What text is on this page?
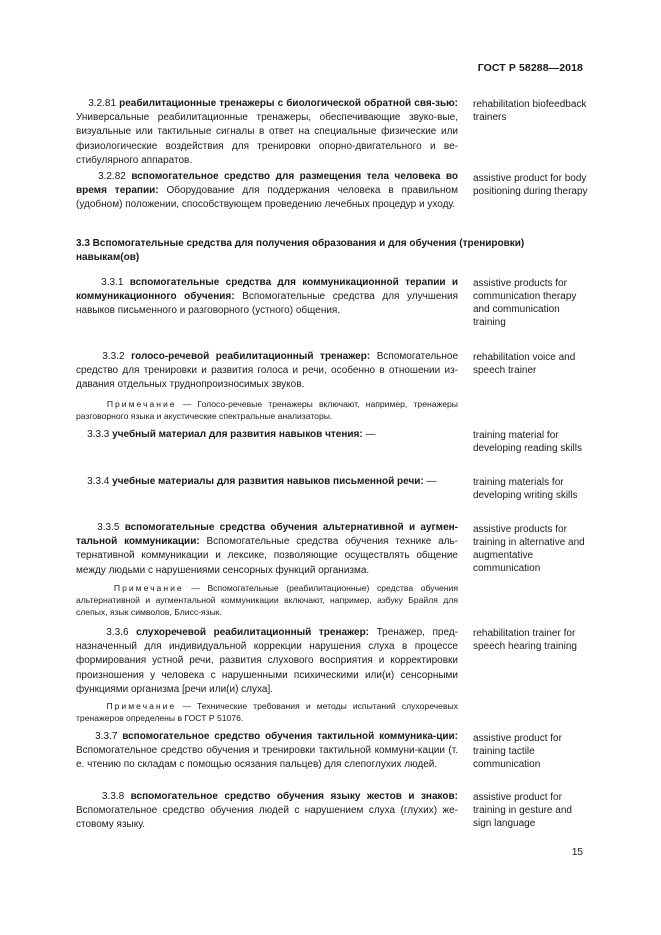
ГОСТ Р 58288—2018
3.2.81 реабилитационные тренажеры с биологической обратной свя-зью: Универсальные реабилитационные тренажеры, обеспечивающие звуко-вые, визуальные или тактильные сигналы в ответ на специальные физические или физиологические воздействия для тренировки опорно-двигательного и ве-стибулярного аппаратов.
rehabilitation biofeedback trainers
3.2.82 вспомогательное средство для размещения тела человека во время терапии: Оборудование для поддержания человека в правильном (удобном) положении, способствующем проведению лечебных процедур и уходу.
assistive product for body positioning during therapy
3.3 Вспомогательные средства для получения образования и для обучения (тренировки) навыкам(ов)
3.3.1 вспомогательные средства для коммуникационной терапии и коммуникационного обучения: Вспомогательные средства для улучшения навыков письменного и разговорного (устного) общения.
assistive products for communication therapy and communication training
3.3.2 голосо-речевой реабилитационный тренажер: Вспомогательное средство для тренировки и развития голоса и речи, особенно в отношении из-давания отдельных труднопроизносимых звуков.
rehabilitation voice and speech trainer
Примечание — Голосо-речевые тренажеры включают, например, тренажеры разговорного языка и акустические спектральные анализаторы.
3.3.3 учебный материал для развития навыков чтения: —	training material for developing reading skills
3.3.4 учебные материалы для развития навыков письменной речи: —	training materials for developing writing skills
3.3.5 вспомогательные средства обучения альтернативной и аугмен-тальной коммуникации: Вспомогательные средства обучения технике аль-тернативной коммуникации и лексике, позволяющие осуществлять общение между людьми с нарушениями сенсорных функций организма.
assistive products for training in alternative and augmentative communication
Примечание — Вспомогательные (реабилитационные) средства обучения альтернативной и аугментальной коммуникации включают, например, азбуку Брайля для слепых, язык символов, Блисс-язык.
3.3.6 слухоречевой реабилитационный тренажер: Тренажер, пред-назначенный для индивидуальной коррекции нарушения слуха в процессе формирования устной речи, развития слухового восприятия и корректировки произношения у человека с нарушенными психическими или(и) сенсорными функциями организма [речи или(и) слуха].
rehabilitation trainer for speech hearing training
Примечание — Технические требования и методы испытаний слухоречевых тренажеров определены в ГОСТ Р 51076.
3.3.7 вспомогательное средство обучения тактильной коммуника-ции: Вспомогательное средство обучения и тренировки тактильной коммуни-кации (т. е. чтению по складам с помощью осязания пальцев) для слепоглухих людей.
assistive product for training tactile communication
3.3.8 вспомогательное средство обучения языку жестов и знаков: Вспомогательное средство обучения людей с нарушением слуха (глухих) же-стовому языку.
assistive product for training in gesture and sign language
15
